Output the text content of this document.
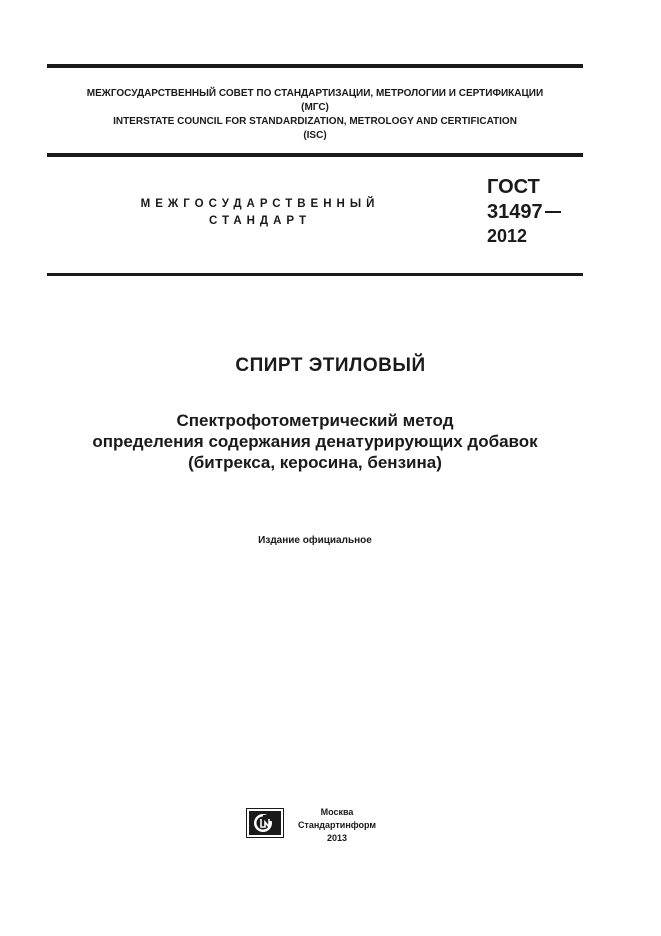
МЕЖГОСУДАРСТВЕННЫЙ СОВЕТ ПО СТАНДАРТИЗАЦИИ, МЕТРОЛОГИИ И СЕРТИФИКАЦИИ
(МГС)
INTERSTATE COUNCIL FOR STANDARDIZATION, METROLOGY AND CERTIFICATION
(ISC)
МЕЖГОСУДАРСТВЕННЫЙ
СТАНДАРТ
ГОСТ
31497
2012
СПИРТ ЭТИЛОВЫЙ
Спектрофотометрический метод
определения содержания денатурирующих добавок
(битрекса, керосина, бензина)
Издание официальное
Москва
Стандартинформ
2013
